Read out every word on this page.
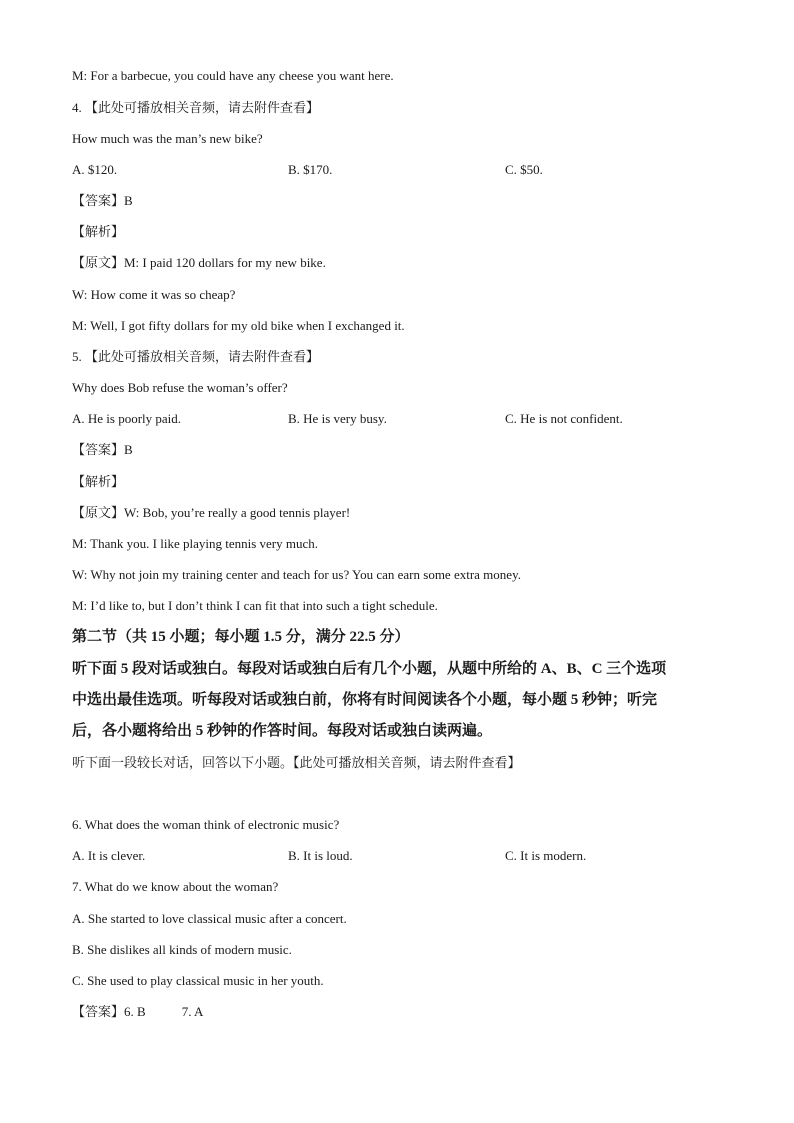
M: For a barbecue, you could have any cheese you want here.
4. 【此处可播放相关音频，请去附件查看】
How much was the man’s new bike?
A. $120.	B. $170.	C. $50.
【答案】B
【解析】
【原文】M: I paid 120 dollars for my new bike.
W: How come it was so cheap?
M: Well, I got fifty dollars for my old bike when I exchanged it.
5. 【此处可播放相关音频，请去附件查看】
Why does Bob refuse the woman’s offer?
A. He is poorly paid.	B. He is very busy.	C. He is not confident.
【答案】B
【解析】
【原文】W: Bob, you’re really a good tennis player!
M: Thank you. I like playing tennis very much.
W: Why not join my training center and teach for us? You can earn some extra money.
M: I’d like to, but I don’t think I can fit that into such a tight schedule.
第二节（共 15 小题；每小题 1.5 分，满分 22.5 分）
听下面 5 段对话或独白。每段对话或独白后有几个小题，从题中所给的 A、B、C 三个选项
中选出最佳选项。听每段对话或独白前，你将有时间阅读各个小题，每小题 5 秒钟；听完
后，各小题将给出 5 秒钟的作答时间。每段对话或独白读两遍。
听下面一段较长对话，回答以下小题。【此处可播放相关音频，请去附件查看】
6. What does the woman think of electronic music?
A. It is clever.	B. It is loud.	C. It is modern.
7. What do we know about the woman?
A. She started to love classical music after a concert.
B. She dislikes all kinds of modern music.
C. She used to play classical music in her youth.
【答案】6. B	7. A
